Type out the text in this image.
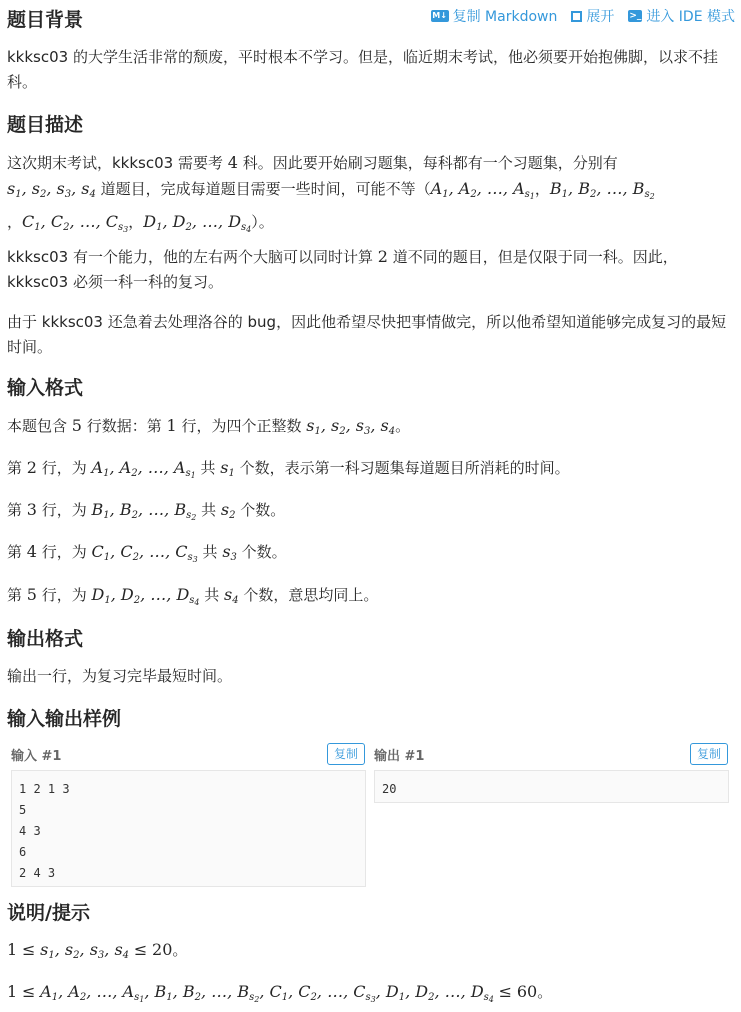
M↓ 复制 Markdown 展开 >_ 进入 IDE 模式
题目背景

kkksc03 的大学生活非常的颓废，平时根本不学习。但是，临近期末考试，他必须要开始抱佛脚，以求不挂科。

题目描述
这次期末考试，kkksc03 需要考 4 科。因此要开始刷习题集，每科都有一个习题集，分别有
$s_1$, $s_2$, $s_3$, $s_4$ 道题目，完成每道题目需要一些时间，可能不等（$A_1$, $A_2$, …, $A_{s_1}$，$B_1$, $B_2$, …, $B_{s_2}$
，$C_1$, $C_2$, …, $C_{s_3}$，$D_1$, $D_2$, …, $D_{s_4}$）。
kkksc03 有一个能力，他的左右两个大脑可以同时计算 2 道不同的题目，但是仅限于同一科。因此，kkksc03 必须一科一科的复习。

由于 kkksc03 还急着去处理洛谷的 bug，因此他希望尽快把事情做完，所以他希望知道能够完成复习的最短时间。

输入格式
本题包含 5 行数据：第 1 行，为四个正整数 $s_1$, $s_2$, $s_3$, $s_4$。
第 2 行，为 $A_1$, $A_2$, …, $A_{s_1}$ 共 $s_1$ 个数，表示第一科习题集每道题目所消耗的时间。
第 3 行，为 $B_1$, $B_2$, …, $B_{s_2}$ 共 $s_2$ 个数。
第 4 行，为 $C_1$, $C_2$, …, $C_{s_3}$ 共 $s_3$ 个数。
第 5 行，为 $D_1$, $D_2$, …, $D_{s_4}$ 共 $s_4$ 个数，意思均同上。
输出格式

输出一行，为复习完毕最短时间。

输入输出样例
输入 #1	复制
1 2 1 3
5
4 3
6
2 4 3
输出 #1	复制
20
说明/提示
$1 \le s_1$, $s_2$, $s_3$, $s_4 \le 20$。
$1 \le A_1$, $A_2$, …, $A_{s_1}$, $B_1$, $B_2$, …, $B_{s_2}$, $C_1$, $C_2$, …, $C_{s_3}$, $D_1$, $D_2$, …, $D_{s_4} \le 60$。
